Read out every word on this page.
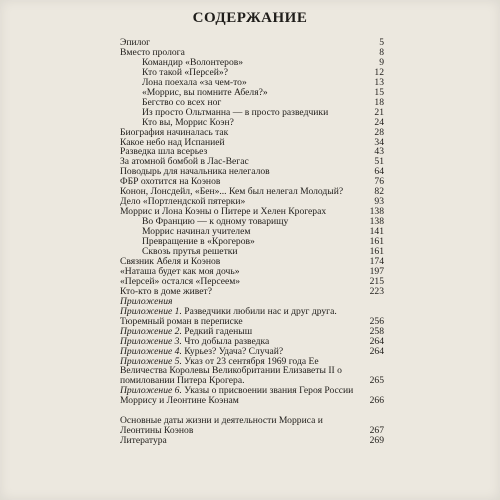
СОДЕРЖАНИЕ
Эпилог	5
Вместо пролога	8
Командир «Волонтеров»	9
Кто такой «Персей»?	12
Лона поехала «за чем-то»	13
«Моррис, вы помните Абеля?»	15
Бегство со всех ног	18
Из просто Ольтманна — в просто разведчики	21
Кто вы, Моррис Коэн?	24
Биография начиналась так	28
Какое небо над Испанией	34
Разведка шла всерьез	43
За атомной бомбой в Лас-Вегас	51
Поводырь для начальника нелегалов	64
ФБР охотится на Коэнов	76
Конон, Лонсдейл, «Бен»... Кем был нелегал Молодый?	82
Дело «Портлендской пятерки»	93
Моррис и Лона Коэны о Питере и Хелен Крогерах	138
Во Францию — к одному товарищу	138
Моррис начинал учителем	141
Превращение в «Крогеров»	161
Сквозь прутья решетки	161
Связник Абеля и Коэнов	174
«Наташа будет как моя дочь»	197
«Персей» остался «Персеем»	215
Кто-кто в доме живет?	223
Приложения
Приложение 1. Разведчики любили нас и друг друга.
Тюремный роман в переписке	256
Приложение 2. Редкий гаденыш	258
Приложение 3. Что добыла разведка	264
Приложение 4. Курьез? Удача? Случай?	264
Приложение 5. Указ от 23 сентября 1969 года Ее Величества Королевы Великобритании Елизаветы II о помиловании Питера Крогера.	265
Приложение 6. Указы о присвоении звания Героя России Моррису и Леонтине Коэнам	266
Основные даты жизни и деятельности Морриса и Леонтины Коэнов	267
Литература	269
